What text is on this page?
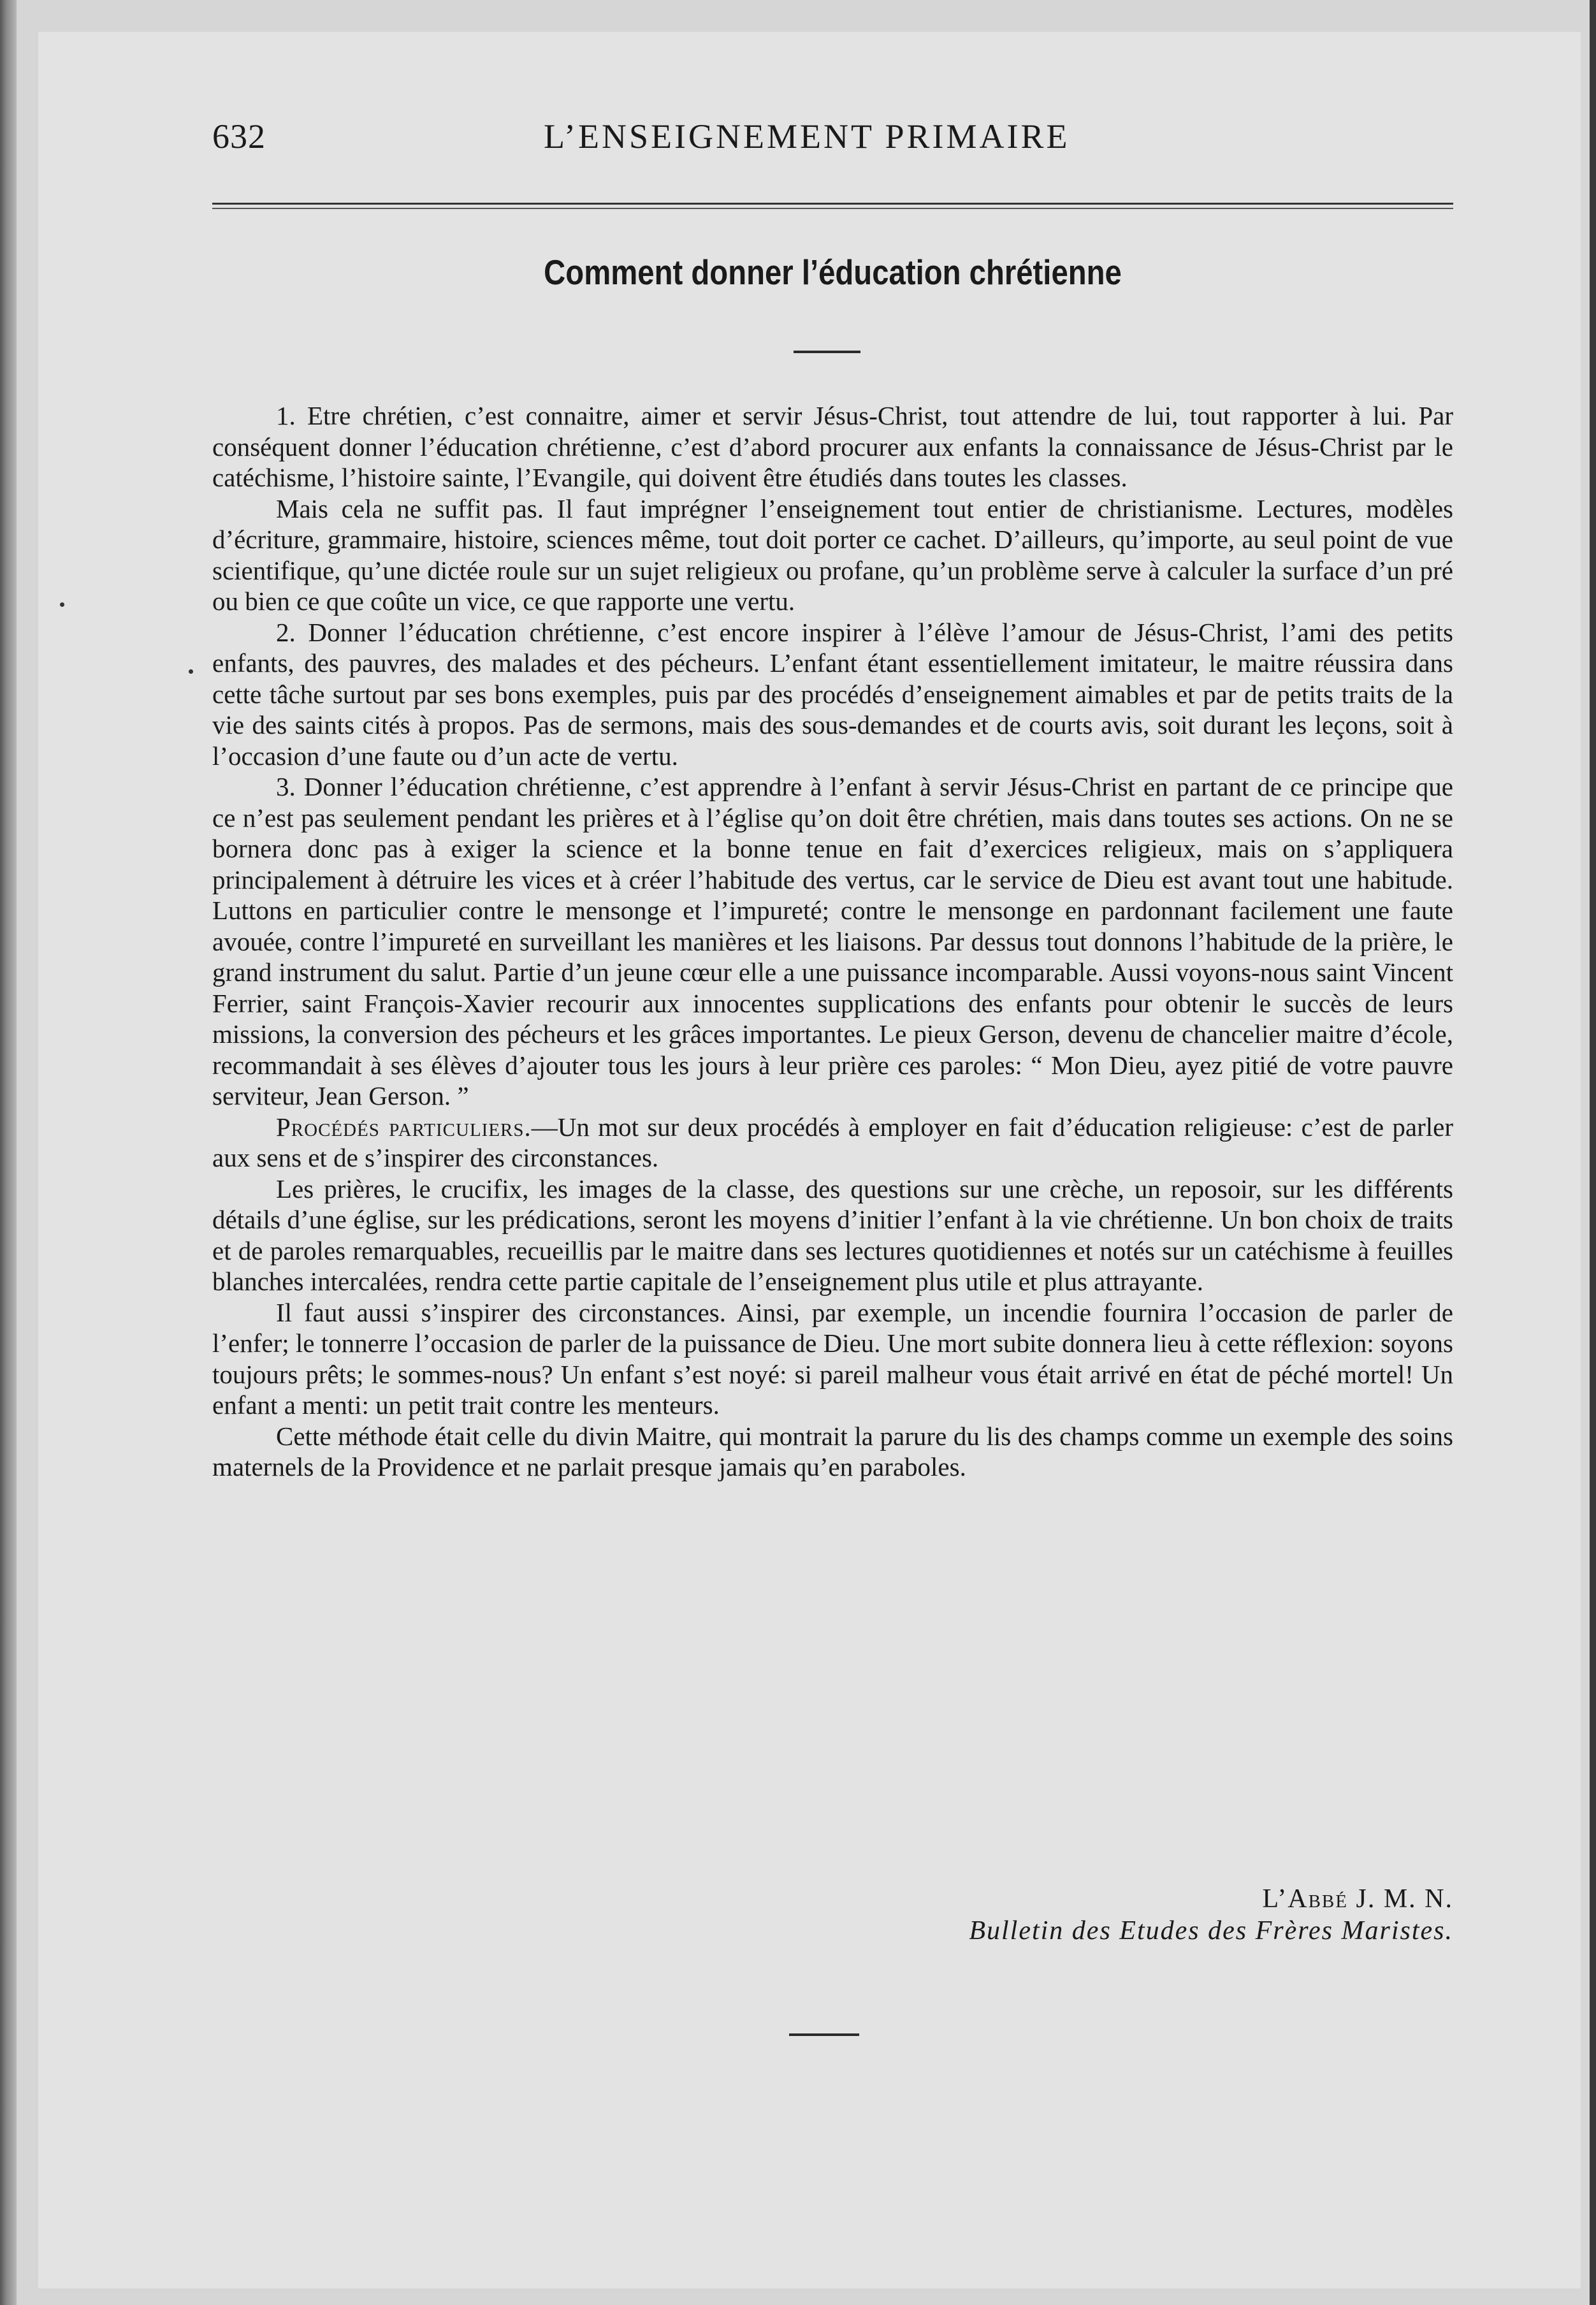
632	L’ENSEIGNEMENT PRIMAIRE
Comment donner l’éducation chrétienne

1. Etre chrétien, c’est connaitre, aimer et servir Jésus-Christ, tout attendre de lui, tout rapporter à lui. Par conséquent donner l’éducation chrétienne, c’est d’abord procurer aux enfants la connaissance de Jésus-Christ par le catéchisme, l’histoire sainte, l’Evangile, qui doivent être étudiés dans toutes les classes.

Mais cela ne suffit pas. Il faut imprégner l’enseignement tout entier de christianisme. Lectures, modèles d’écriture, grammaire, histoire, sciences même, tout doit porter ce cachet. D’ailleurs, qu’importe, au seul point de vue scientifique, qu’une dictée roule sur un sujet religieux ou profane, qu’un problème serve à calculer la surface d’un pré ou bien ce que coûte un vice, ce que rapporte une vertu.

2. Donner l’éducation chrétienne, c’est encore inspirer à l’élève l’amour de Jésus-Christ, l’ami des petits enfants, des pauvres, des malades et des pécheurs. L’enfant étant essentiellement imitateur, le maitre réussira dans cette tâche surtout par ses bons exemples, puis par des procédés d’enseignement aimables et par de petits traits de la vie des saints cités à propos. Pas de sermons, mais des sous-demandes et de courts avis, soit durant les leçons, soit à l’occasion d’une faute ou d’un acte de vertu.

3. Donner l’éducation chrétienne, c’est apprendre à l’enfant à servir Jésus-Christ en partant de ce principe que ce n’est pas seulement pendant les prières et à l’église qu’on doit être chrétien, mais dans toutes ses actions. On ne se bornera donc pas à exiger la science et la bonne tenue en fait d’exercices religieux, mais on s’appliquera principalement à détruire les vices et à créer l’habitude des vertus, car le service de Dieu est avant tout une habitude. Luttons en particulier contre le mensonge et l’impureté; contre le mensonge en pardonnant facilement une faute avouée, contre l’impureté en surveillant les manières et les liaisons. Par dessus tout donnons l’habitude de la prière, le grand instrument du salut. Partie d’un jeune cœur elle a une puissance incomparable. Aussi voyons-nous saint Vincent Ferrier, saint François-Xavier recourir aux innocentes supplications des enfants pour obtenir le succès de leurs missions, la conversion des pécheurs et les grâces importantes. Le pieux Gerson, devenu de chancelier maitre d’école, recommandait à ses élèves d’ajouter tous les jours à leur prière ces paroles: “ Mon Dieu, ayez pitié de votre pauvre serviteur, Jean Gerson. ”

Procédés particuliers.—Un mot sur deux procédés à employer en fait d’éducation religieuse: c’est de parler aux sens et de s’inspirer des circonstances.

Les prières, le crucifix, les images de la classe, des questions sur une crèche, un reposoir, sur les différents détails d’une église, sur les prédications, seront les moyens d’initier l’enfant à la vie chrétienne. Un bon choix de traits et de paroles remarquables, recueillis par le maitre dans ses lectures quotidiennes et notés sur un catéchisme à feuilles blanches intercalées, rendra cette partie capitale de l’enseignement plus utile et plus attrayante.

Il faut aussi s’inspirer des circonstances. Ainsi, par exemple, un incendie fournira l’occasion de parler de l’enfer; le tonnerre l’occasion de parler de la puissance de Dieu. Une mort subite donnera lieu à cette réflexion: soyons toujours prêts; le sommes-nous? Un enfant s’est noyé: si pareil malheur vous était arrivé en état de péché mortel! Un enfant a menti: un petit trait contre les menteurs.

Cette méthode était celle du divin Maitre, qui montrait la parure du lis des champs comme un exemple des soins maternels de la Providence et ne parlait presque jamais qu’en paraboles.

L’Abbé J. M. N.
Bulletin des Etudes des Frères Maristes.
